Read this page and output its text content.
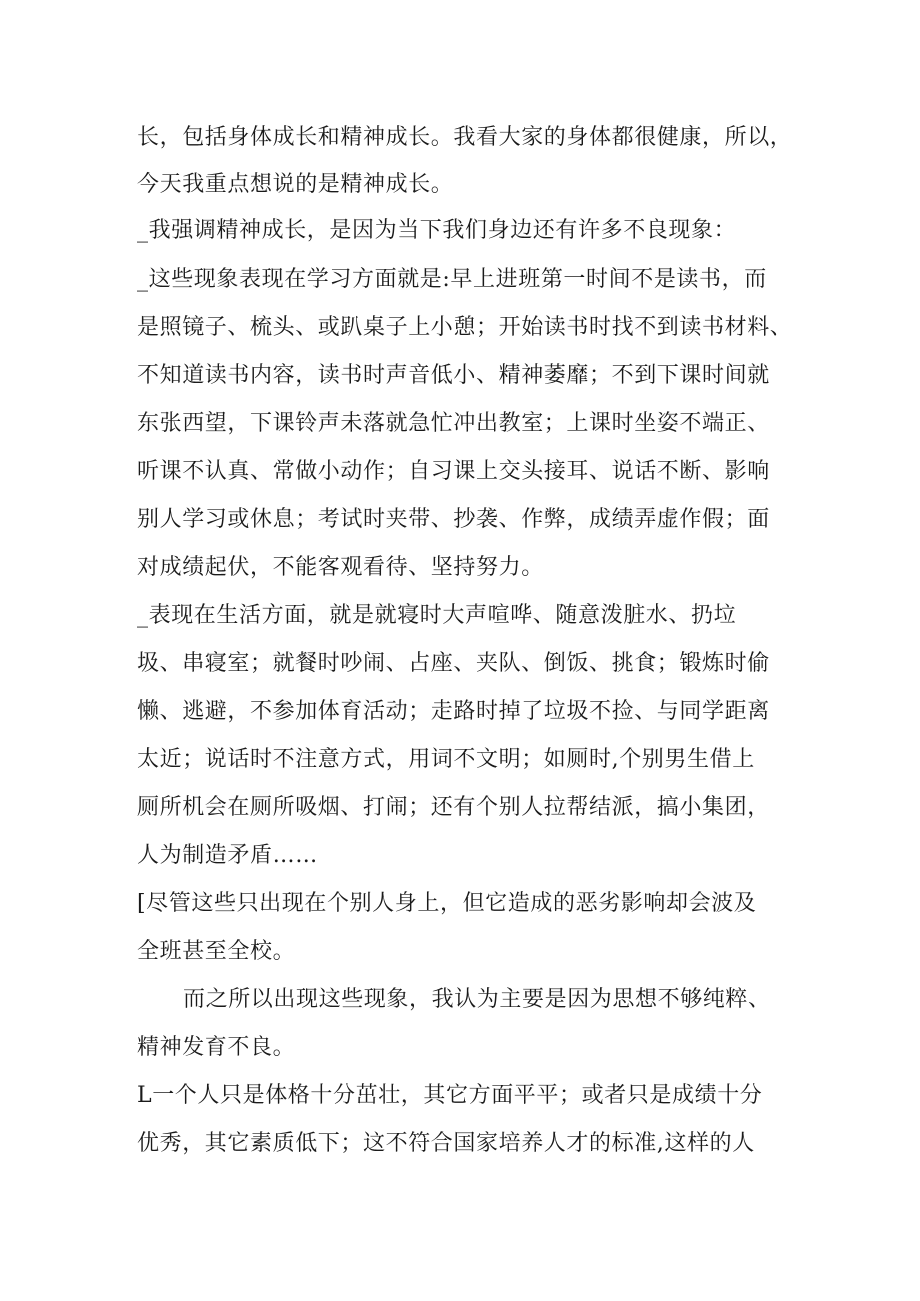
长，包括身体成长和精神成长。我看大家的身体都很健康，所以，
今天我重点想说的是精神成长。
_我强调精神成长，是因为当下我们身边还有许多不良现象：
_这些现象表现在学习方面就是:早上进班第一时间不是读书，而
是照镜子、梳头、或趴桌子上小憩；开始读书时找不到读书材料、
不知道读书内容，读书时声音低小、精神萎靡；不到下课时间就
东张西望，下课铃声未落就急忙冲出教室；上课时坐姿不端正、
听课不认真、常做小动作；自习课上交头接耳、说话不断、影响
别人学习或休息；考试时夹带、抄袭、作弊，成绩弄虚作假；面
对成绩起伏，不能客观看待、坚持努力。
_表现在生活方面，就是就寝时大声喧哗、随意泼脏水、扔垃
圾、串寝室；就餐时吵闹、占座、夹队、倒饭、挑食；锻炼时偷
懒、逃避，不参加体育活动；走路时掉了垃圾不捡、与同学距离
太近；说话时不注意方式，用词不文明；如厕时,个别男生借上
厕所机会在厕所吸烟、打闹；还有个别人拉帮结派，搞小集团，
人为制造矛盾……
[尽管这些只出现在个别人身上，但它造成的恶劣影响却会波及
全班甚至全校。
而之所以出现这些现象，我认为主要是因为思想不够纯粹、
精神发育不良。
L一个人只是体格十分茁壮，其它方面平平；或者只是成绩十分
优秀，其它素质低下；这不符合国家培养人才的标准,这样的人
